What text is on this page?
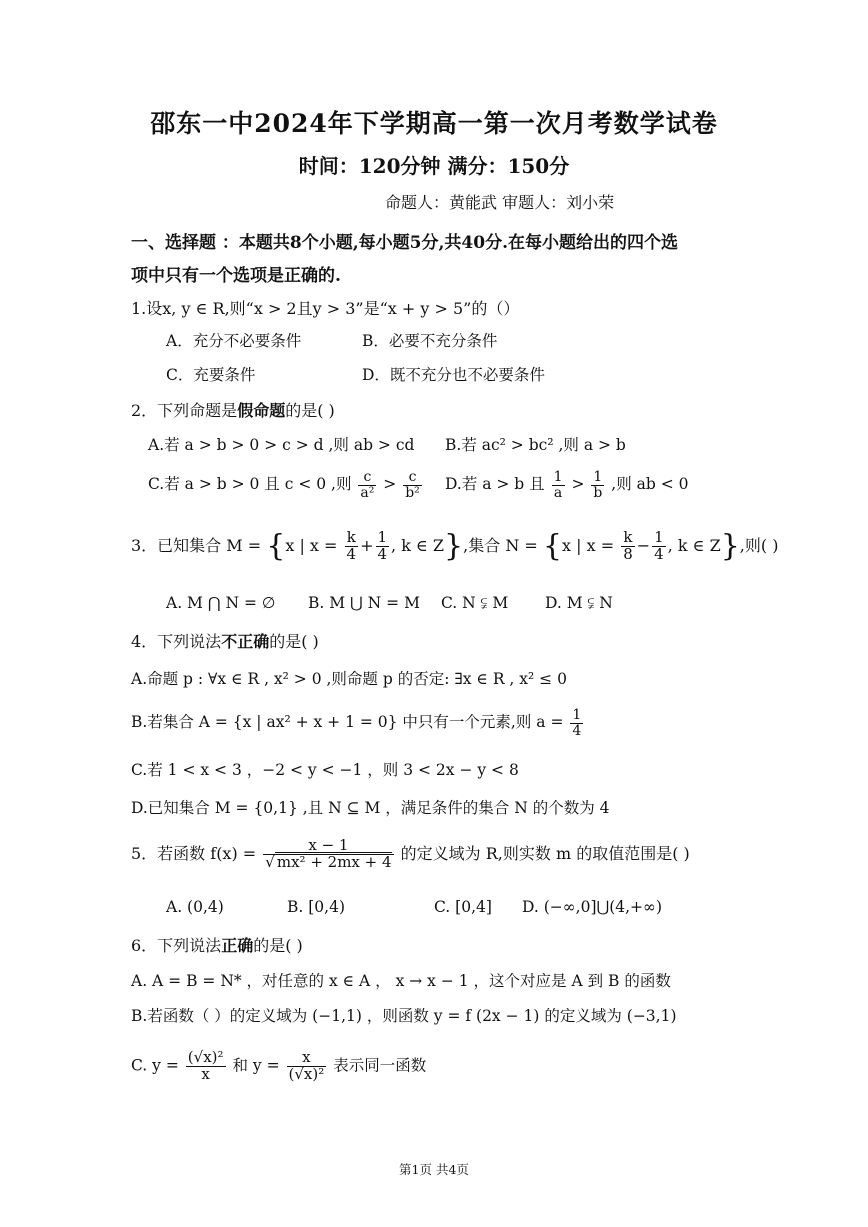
邵东一中2024年下学期高一第一次月考数学试卷
时间：120分钟 满分：150分
命题人：黄能武 审题人：刘小荣
一、选择题 ：本题共8个小题,每小题5分,共40分.在每小题给出的四个选
项中只有一个选项是正确的.
1.设x, y ∈ R,则“x > 2且y > 3”是“x + y > 5”的（）
A．充分不必要条件	B．必要不充分条件
C．充要条件	D．既不充分也不必要条件
2．下列命题是假命题的是( )
A.若 a > b > 0 > c > d ,则 ab > cd B.若 ac² > bc² ,则 a > b
C.若 a > b > 0 且 c < 0 ,则 $\frac{c}{\text{a²}} > \frac{c}{\text{b²}} D$.若 a > b 且 $\frac{1}{a} > \frac{1}{b}$ ,则 ab < 0
3．已知集合 M = {x | $x = \frac{k}{4} + \frac{1}{4}$ , k ∈ Z},集合 N = {x | $x = \frac{k}{8} - \frac{1}{4}$ , k ∈ Z},则( )
A. M ⋂ N = ∅ B. M ⋃ N = M C. N ⫋ M D. M ⫋ N
4．下列说法不正确的是( )
A.命题 p : ∀x ∈ R , x² > 0 ,则命题 p 的否定: ∃x ∈ R , x² ≤ 0
B.若集合 A = {x | ax² + x + 1 = 0} 中只有一个元素,则 $a = \frac{1}{4}$
C.若 1 < x < 3 ，−2 < y < −1 ，则 3 < 2x − y < 8
D.已知集合 M = {0,1} ,且 N ⊆ M ，满足条件的集合 N 的个数为 4
5．若函数 $f(x) = \frac{x - 1}{\text{√ mx² + 2mx + 4}}$ 的定义域为 R,则实数 m 的取值范围是( )
A. (0,4)	B. [0,4)	C. [0,4] D. (−∞,0]⋃(4,+∞)
6．下列说法正确的是( )
A. A = B = N* ，对任意的 x ∈ A ， x → x − 1 ，这个对应是 A 到 B 的函数
B.若函数（ ）的定义域为 (−1,1) ，则函数 y = f (2x − 1) 的定义域为 (−3,1)
C. $y = \frac{\text{(√x)²}}{x}$ 和 $y = \frac{x}{\text{(√x)²}}$ 表示同一函数
第1页 共4页
